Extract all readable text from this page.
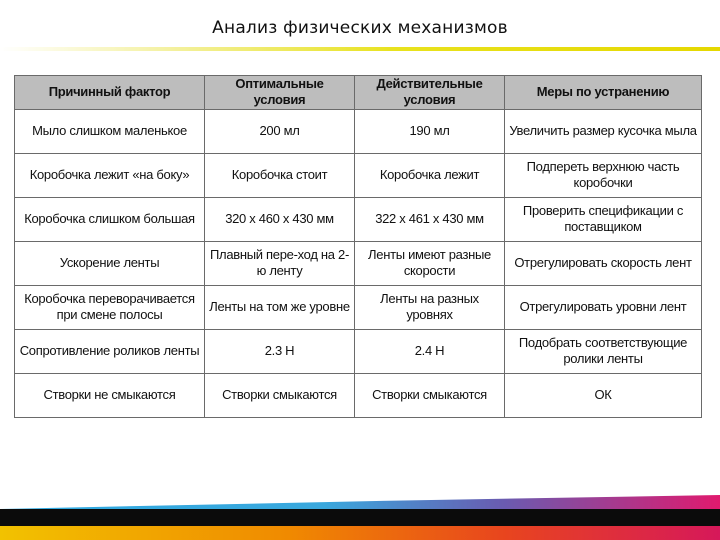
Анализ физических механизмов
Причинный фактор	Оптимальные условия	Действительные условия	Меры по устранению
Мыло слишком маленькое	200 мл	190 мл	Увеличить размер кусочка мыла
Коробочка лежит «на боку»	Коробочка стоит	Коробочка лежит	Подпереть верхнюю часть коробочки
Коробочка слишком большая	320 х 460 х 430 мм	322 х 461 х 430 мм	Проверить спецификации с поставщиком
Ускорение ленты	Плавный пере-ход на 2-ю ленту	Ленты имеют разные скорости	Отрегулировать скорость лент
Коробочка переворачивается при смене полосы	Ленты на том же уровне	Ленты на разных уровнях	Отрегулировать уровни лент
Сопротивление роликов ленты	2.3 Н	2.4 Н	Подобрать соответствующие ролики ленты
Створки не смыкаются	Створки смыкаются	Створки смыкаются	ОК
